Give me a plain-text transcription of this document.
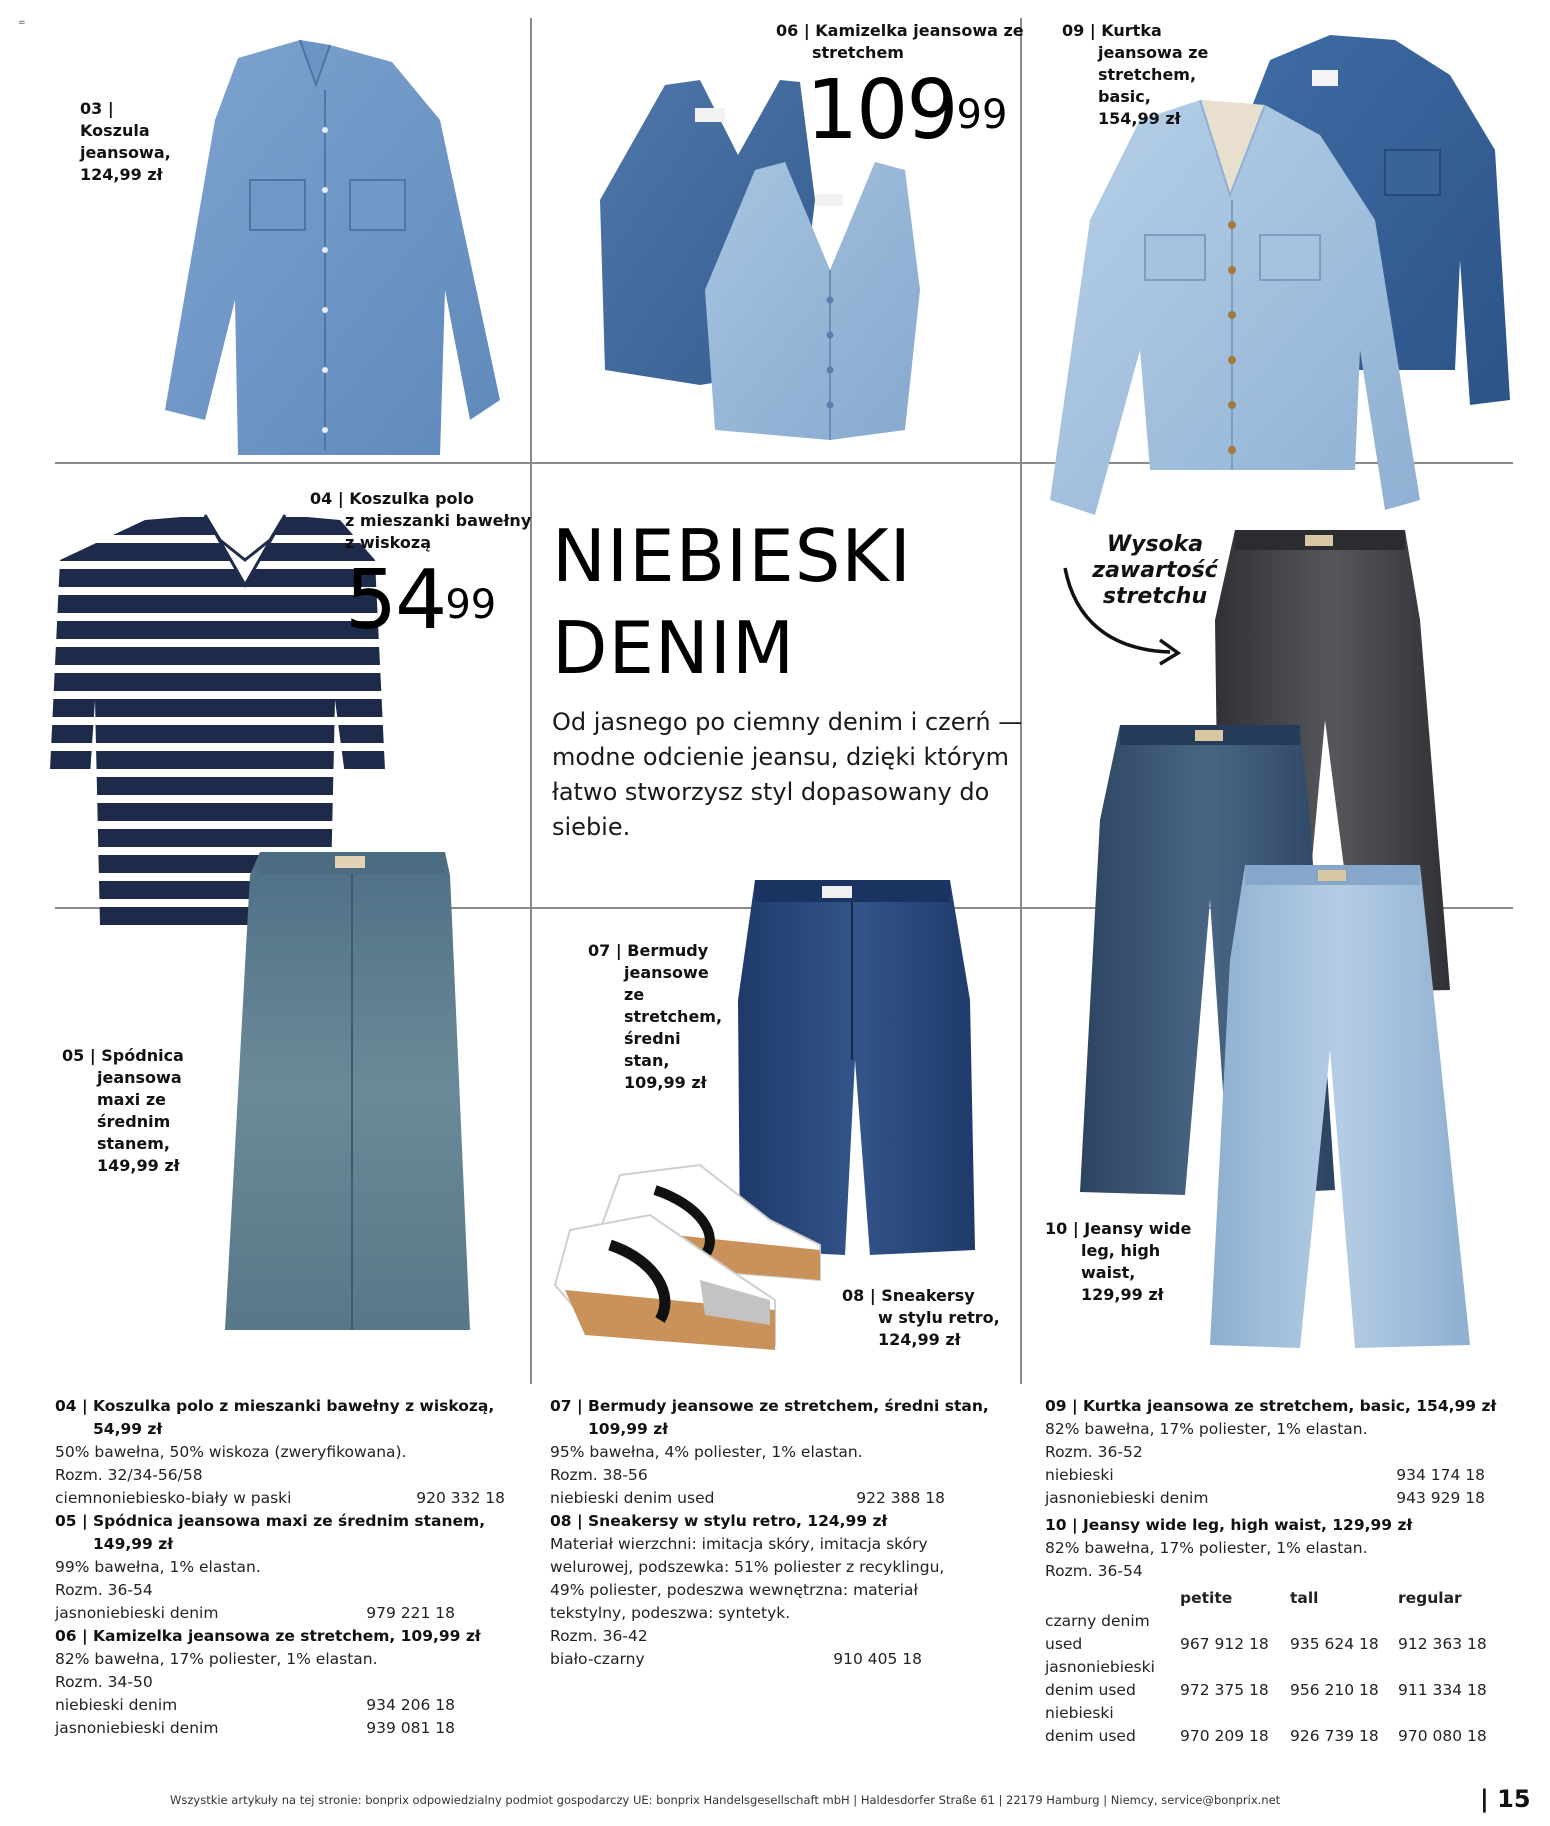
=
03 |
Koszula
jeansowa,
124,99 zł
06 | Kamizelka jeansowa ze
stretchem
$109^{99}$
09 | Kurtka
jeansowa ze
stretchem,
basic,
154,99 zł
04 | Koszulka polo
z mieszanki bawełny
z wiskozą
$54^{99}$
05 | Spódnica
jeansowa
maxi ze
średnim
stanem,
149,99 zł
07 | Bermudy
jeansowe
ze
stretchem,
średni
stan,
109,99 zł
08 | Sneakersy
w stylu retro,
124,99 zł
10 | Jeansy wide
leg, high
waist,
129,99 zł
NIEBIESKI
DENIM
Od jasnego po ciemny denim i czerń —
modne odcienie jeansu, dzięki którym
łatwo stworzysz styl dopasowany do
siebie.
Wysoka
zawartość
stretchu
04 | Koszulka polo z mieszanki bawełny z wiskozą,
54,99 zł
50% bawełna, 50% wiskoza (zweryfikowana).
Rozm. 32/34-56/58
ciemnoniebiesko-biały w paski	920 332 18
05 | Spódnica jeansowa maxi ze średnim stanem,
149,99 zł
99% bawełna, 1% elastan.
Rozm. 36-54
jasnoniebieski denim	979 221 18
06 | Kamizelka jeansowa ze stretchem, 109,99 zł
82% bawełna, 17% poliester, 1% elastan.
Rozm. 34-50
niebieski denim	934 206 18
jasnoniebieski denim	939 081 18
07 | Bermudy jeansowe ze stretchem, średni stan,
109,99 zł
95% bawełna, 4% poliester, 1% elastan.
Rozm. 38-56
niebieski denim used	922 388 18
08 | Sneakersy w stylu retro, 124,99 zł
Materiał wierzchni: imitacja skóry, imitacja skóry
welurowej, podszewka: 51% poliester z recyklingu,
49% poliester, podeszwa wewnętrzna: materiał
tekstylny, podeszwa: syntetyk.
Rozm. 36-42
biało-czarny	910 405 18
09 | Kurtka jeansowa ze stretchem, basic, 154,99 zł
82% bawełna, 17% poliester, 1% elastan.
Rozm. 36-52
niebieski	934 174 18
jasnoniebieski denim	943 929 18
10 | Jeansy wide leg, high waist, 129,99 zł
82% bawełna, 17% poliester, 1% elastan.
Rozm. 36-54
	petite	tall	regular

czarny denim
used	967 912 18	935 624 18	912 363 18

jasnoniebieski
denim used	972 375 18	956 210 18	911 334 18

niebieski
denim used	970 209 18	926 739 18	970 080 18
Wszystkie artykuły na tej stronie: bonprix odpowiedzialny podmiot gospodarczy UE: bonprix Handelsgesellschaft mbH | Haldesdorfer Straße 61 | 22179 Hamburg | Niemcy, service@bonprix.net	| 15
